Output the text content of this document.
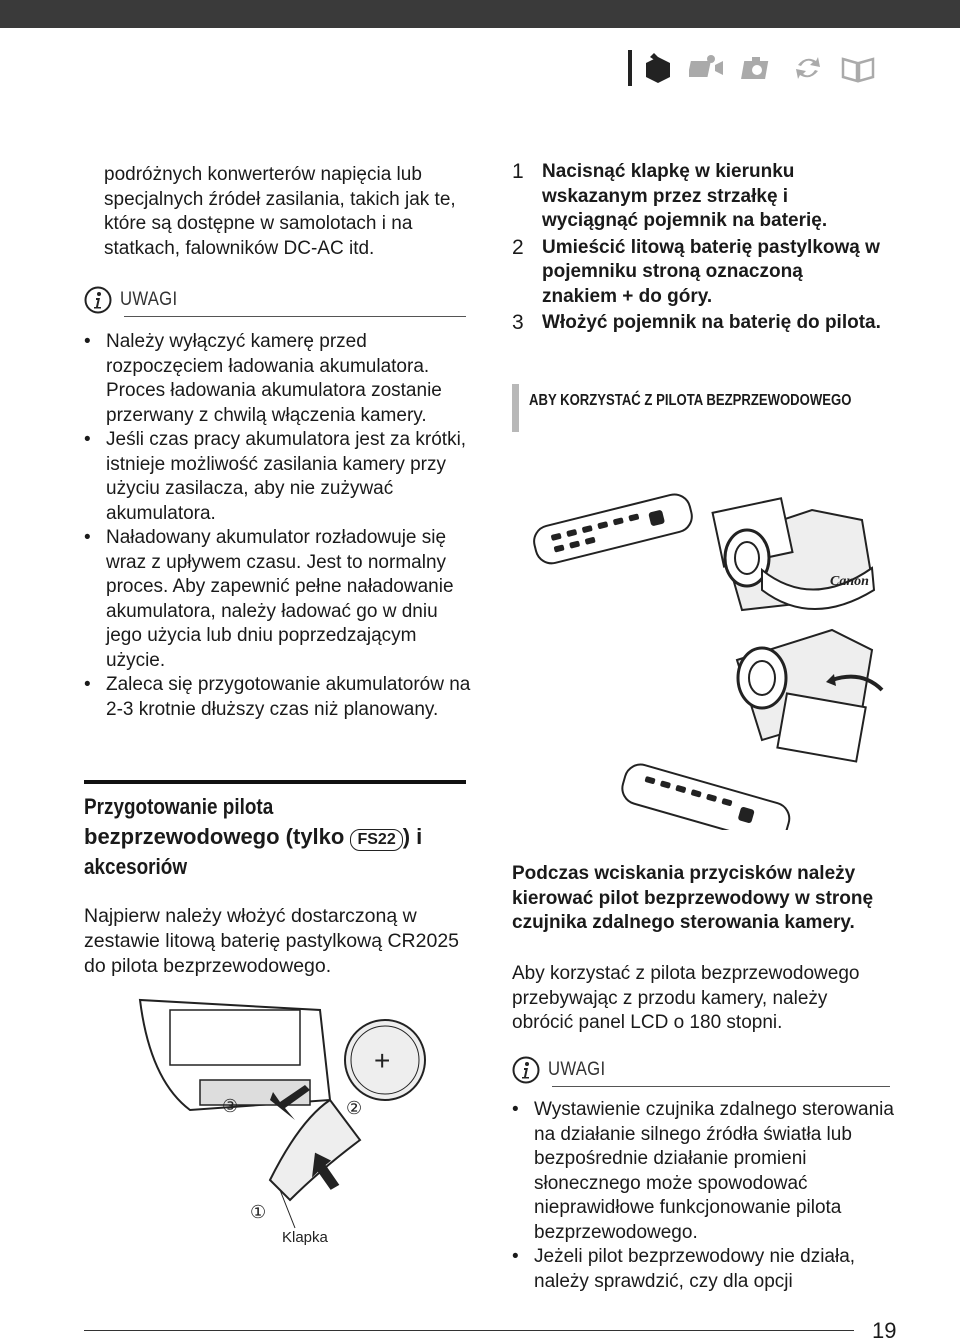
podróżnych konwerterów napięcia lub specjalnych źródeł zasilania, takich jak te, które są dostępne w samolotach i na statkach, falowników DC-AC itd.
UWAGI
• Należy wyłączyć kamerę przed rozpoczęciem ładowania akumulatora. Proces ładowania akumulatora zostanie przerwany z chwilą włączenia kamery.
• Jeśli czas pracy akumulatora jest za krótki, istnieje możliwość zasilania kamery przy użyciu zasilacza, aby nie zużywać akumulatora.
• Naładowany akumulator rozładowuje się wraz z upływem czasu. Jest to normalny proces. Aby zapewnić pełne naładowanie akumulatora, należy ładować go w dniu jego użycia lub dniu poprzedzającym użycie.
• Zaleca się przygotowanie akumulatorów na 2-3 krotnie dłuższy czas niż planowany.
1 Nacisnąć klapkę w kierunku wskazanym przez strzałkę i wyciągnąć pojemnik na baterię.
2 Umieścić litową baterię pastylkową w pojemniku stroną oznaczoną znakiem + do góry.
3 Włożyć pojemnik na baterię do pilota.
ABY KORZYSTAĆ Z PILOTA BEZPRZEWODOWEGO
Canon
Przygotowanie pilota
bezprzewodowego (tylko FS22 ) i
akcesoriów
Najpierw należy włożyć dostarczoną w zestawie litową baterię pastylkową CR2025 do pilota bezprzewodowego.
+
③	②
①
Klapka
Podczas wciskania przycisków należy kierować pilot bezprzewodowy w stronę czujnika zdalnego sterowania kamery.
Aby korzystać z pilota bezprzewodowego przebywając z przodu kamery, należy obrócić panel LCD o 180 stopni.
UWAGI
• Wystawienie czujnika zdalnego sterowania na działanie silnego źródła światła lub bezpośrednie działanie promieni słonecznego może spowodować nieprawidłowe funkcjonowanie pilota bezprzewodowego.
• Jeżeli pilot bezprzewodowy nie działa, należy sprawdzić, czy dla opcji
19
